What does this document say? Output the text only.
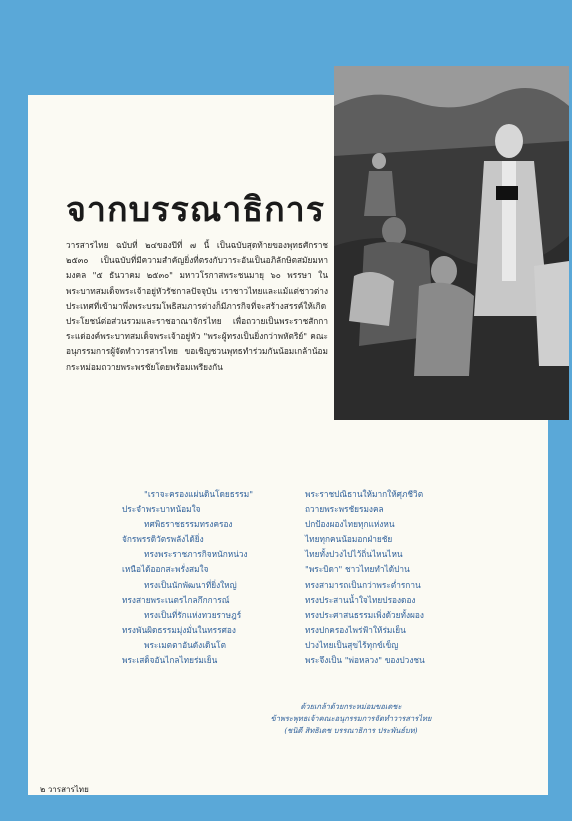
จากบรรณาธิการ

วารสารไทย ฉบับที่ ๒๔ของปีที่ ๗ นี้ เป็นฉบับสุดท้ายของพุทธศักราช ๒๕๓๐ เป็นฉบับที่มีความสำคัญยิ่งที่ตรงกับวาระอันเป็นอภิลักษิตสมัยมหามงคล "๕ ธันวาคม ๒๕๓๐" มหาวโรกาสพระชนมายุ ๖๐ พรรษา ในพระบาทสมเด็จพระเจ้าอยู่หัวรัชกาลปัจจุบัน เราชาวไทยและแม้แต่ชาวต่างประเทศที่เข้ามาพึ่งพระบรมโพธิสมภารต่างก็มีภารกิจที่จะสร้างสรรค์ให้เกิดประโยชน์ต่อส่วนรวมและราชอาณาจักรไทย เพื่อถวายเป็นพระราชสักการะแด่องค์พระบาทสมเด็จพระเจ้าอยู่หัว "พระผู้ทรงเป็นยิ่งกว่าพหัตริย์" คณะอนุกรรมการผู้จัดทำวารสารไทย ขอเชิญชวนพุทธทำร่วมกันน้อมเกล้าน้อมกระหม่อมถวายพระพรชัยโดยพร้อมเพรียงกัน

"เราจะครองแผ่นดินโดยธรรม"
ประจำพระบาทน้อมใจ
ทศพิธราชธรรมทรงครอง
จักรพรรดิวัตรพลังได้ยิ่ง
ทรงพระราชภารกิจหนักหน่วง
เหนือได้ออกสะพรั่งสมใจ
ทรงเป็นนักพัฒนาที่ยิ่งใหญ่
ทรงสายพระเนตรไกลกึกการณ์
ทรงเป็นที่รักแห่งทวยราษฎร์
ทรงพันผิดธรรมมุ่งมั่นในทรรศอง
พระเมตตาอันดังเดินโต
พระเสด็จอันไกลไทยร่มเย็น
พระราชปณิธานให้มากให้ศุภชีวิต
ถวายพระพรชัยรมงคล
ปกป้องผองไทยทุกแห่งหน
ไทยทุกคนน้อมอกฝ่ายชัย
ไทยทั้งปวงไปไว้ถิ่นไหนไหน
"พระบิดา" ชาวไทยทำได้ปาน
ทรงสามารถเป็นกว่าพระต่ำรกาน
ทรงประสานน้ำใจไทยปรองดอง
ทรงประศาสนธรรมเพิ่งด้วยทั้งผอง
ทรงปกครองไพร่ฟ้าให้ร่มเย็น
ปวงไทยเป็นสุขไร้ทุกข์เข็ญ
พระจึงเป็น "พ่อหลวง" ของปวงชน
ด้วยเกล้าด้วยกระหม่อมขอเดชะ
ข้าพระพุทธเจ้าคณะอนุกรรมการจัดทำวารสารไทย
(ชนิดี สิทธิเดช บรรณาธิการ ประพันธ์บท)
๒ วารสารไทย
